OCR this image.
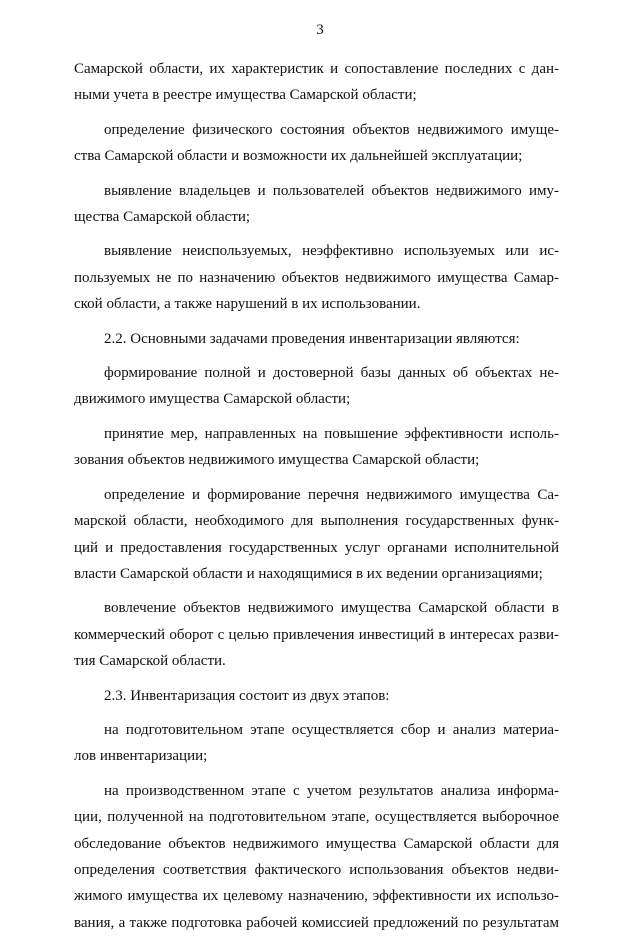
3
Самарской области, их характеристик и сопоставление последних с дан-
ными учета в реестре имущества Самарской области;
определение физического состояния объектов недвижимого имуще-
ства Самарской области и возможности их дальнейшей эксплуатации;
выявление владельцев и пользователей объектов недвижимого иму-
щества Самарской области;
выявление неиспользуемых, неэффективно используемых или ис-
пользуемых не по назначению объектов недвижимого имущества Самар-
ской области, а также нарушений в их использовании.
2.2. Основными задачами проведения инвентаризации являются:
формирование полной и достоверной базы данных об объектах не-
движимого имущества Самарской области;
принятие мер, направленных на повышение эффективности исполь-
зования объектов недвижимого имущества Самарской области;
определение и формирование перечня недвижимого имущества Са-
марской области, необходимого для выполнения государственных функ-
ций и предоставления государственных услуг органами исполнительной
власти Самарской области и находящимися в их ведении организациями;
вовлечение объектов недвижимого имущества Самарской области в
коммерческий оборот с целью привлечения инвестиций в интересах разви-
тия Самарской области.
2.3. Инвентаризация состоит из двух этапов:
на подготовительном этапе осуществляется сбор и анализ материа-
лов инвентаризации;
на производственном этапе с учетом результатов анализа информа-
ции, полученной на подготовительном этапе, осуществляется выборочное
обследование объектов недвижимого имущества Самарской области для
определения соответствия фактического использования объектов недви-
жимого имущества их целевому назначению, эффективности их использо-
вания, а также подготовка рабочей комиссией предложений по результатам
